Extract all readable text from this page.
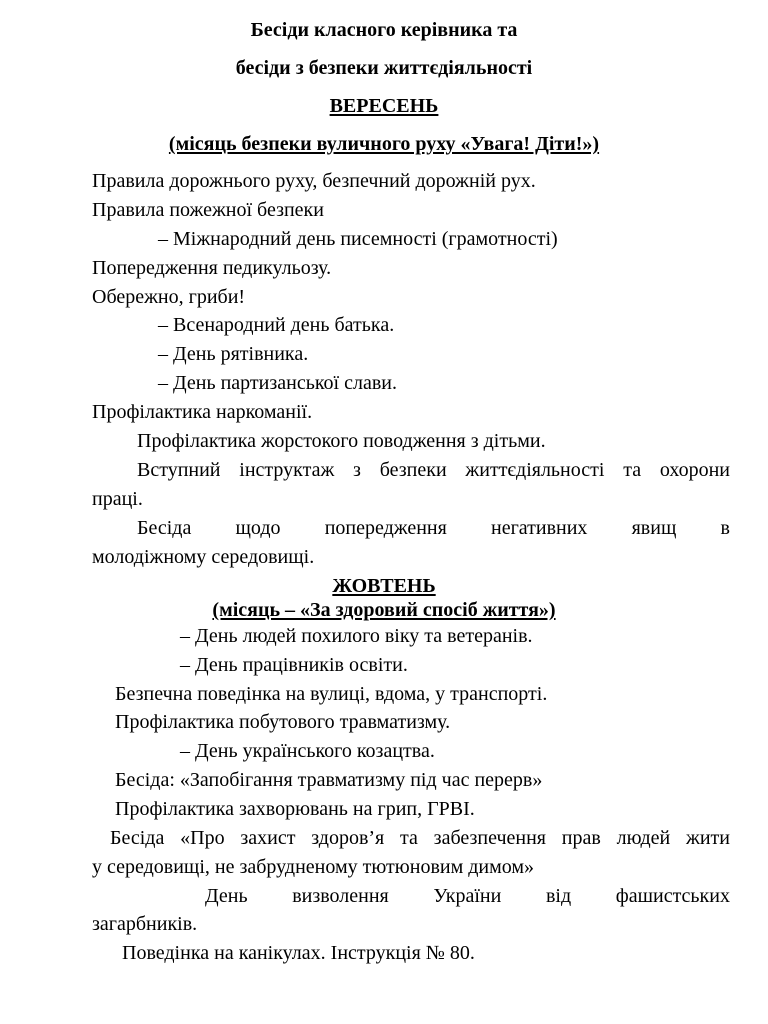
Бесіди класного керівника та
бесіди з безпеки життєдіяльності
ВЕРЕСЕНЬ
(місяць безпеки вуличного руху «Увага! Діти!»)
Правила дорожнього руху, безпечний дорожній рух.
Правила пожежної безпеки
– Міжнародний день писемності (грамотності)
Попередження педикульозу.
Обережно, гриби!
– Всенародний день батька.
– День рятівника.
– День партизанської слави.
Профілактика наркоманії.
Профілактика жорстокого поводження з дітьми.
Вступний інструктаж з безпеки життєдіяльності та охорони
праці.
Бесіда щодо попередження негативних явищ в
молодіжному середовищі.
ЖОВТЕНЬ
(місяць – «За здоровий спосіб життя»)
– День людей похилого віку та ветеранів.
– День працівників освіти.
Безпечна поведінка на вулиці, вдома, у транспорті.
Профілактика побутового травматизму.
– День українського козацтва.
Бесіда: «Запобігання травматизму під час перерв»
Профілактика захворювань на грип, ГРВІ.
Бесіда «Про захист здоров’я та забезпечення прав людей жити
у середовищі, не забрудненому тютюновим димом»
День визволення України від фашистських
загарбників.
Поведінка на канікулах. Інструкція № 80.
